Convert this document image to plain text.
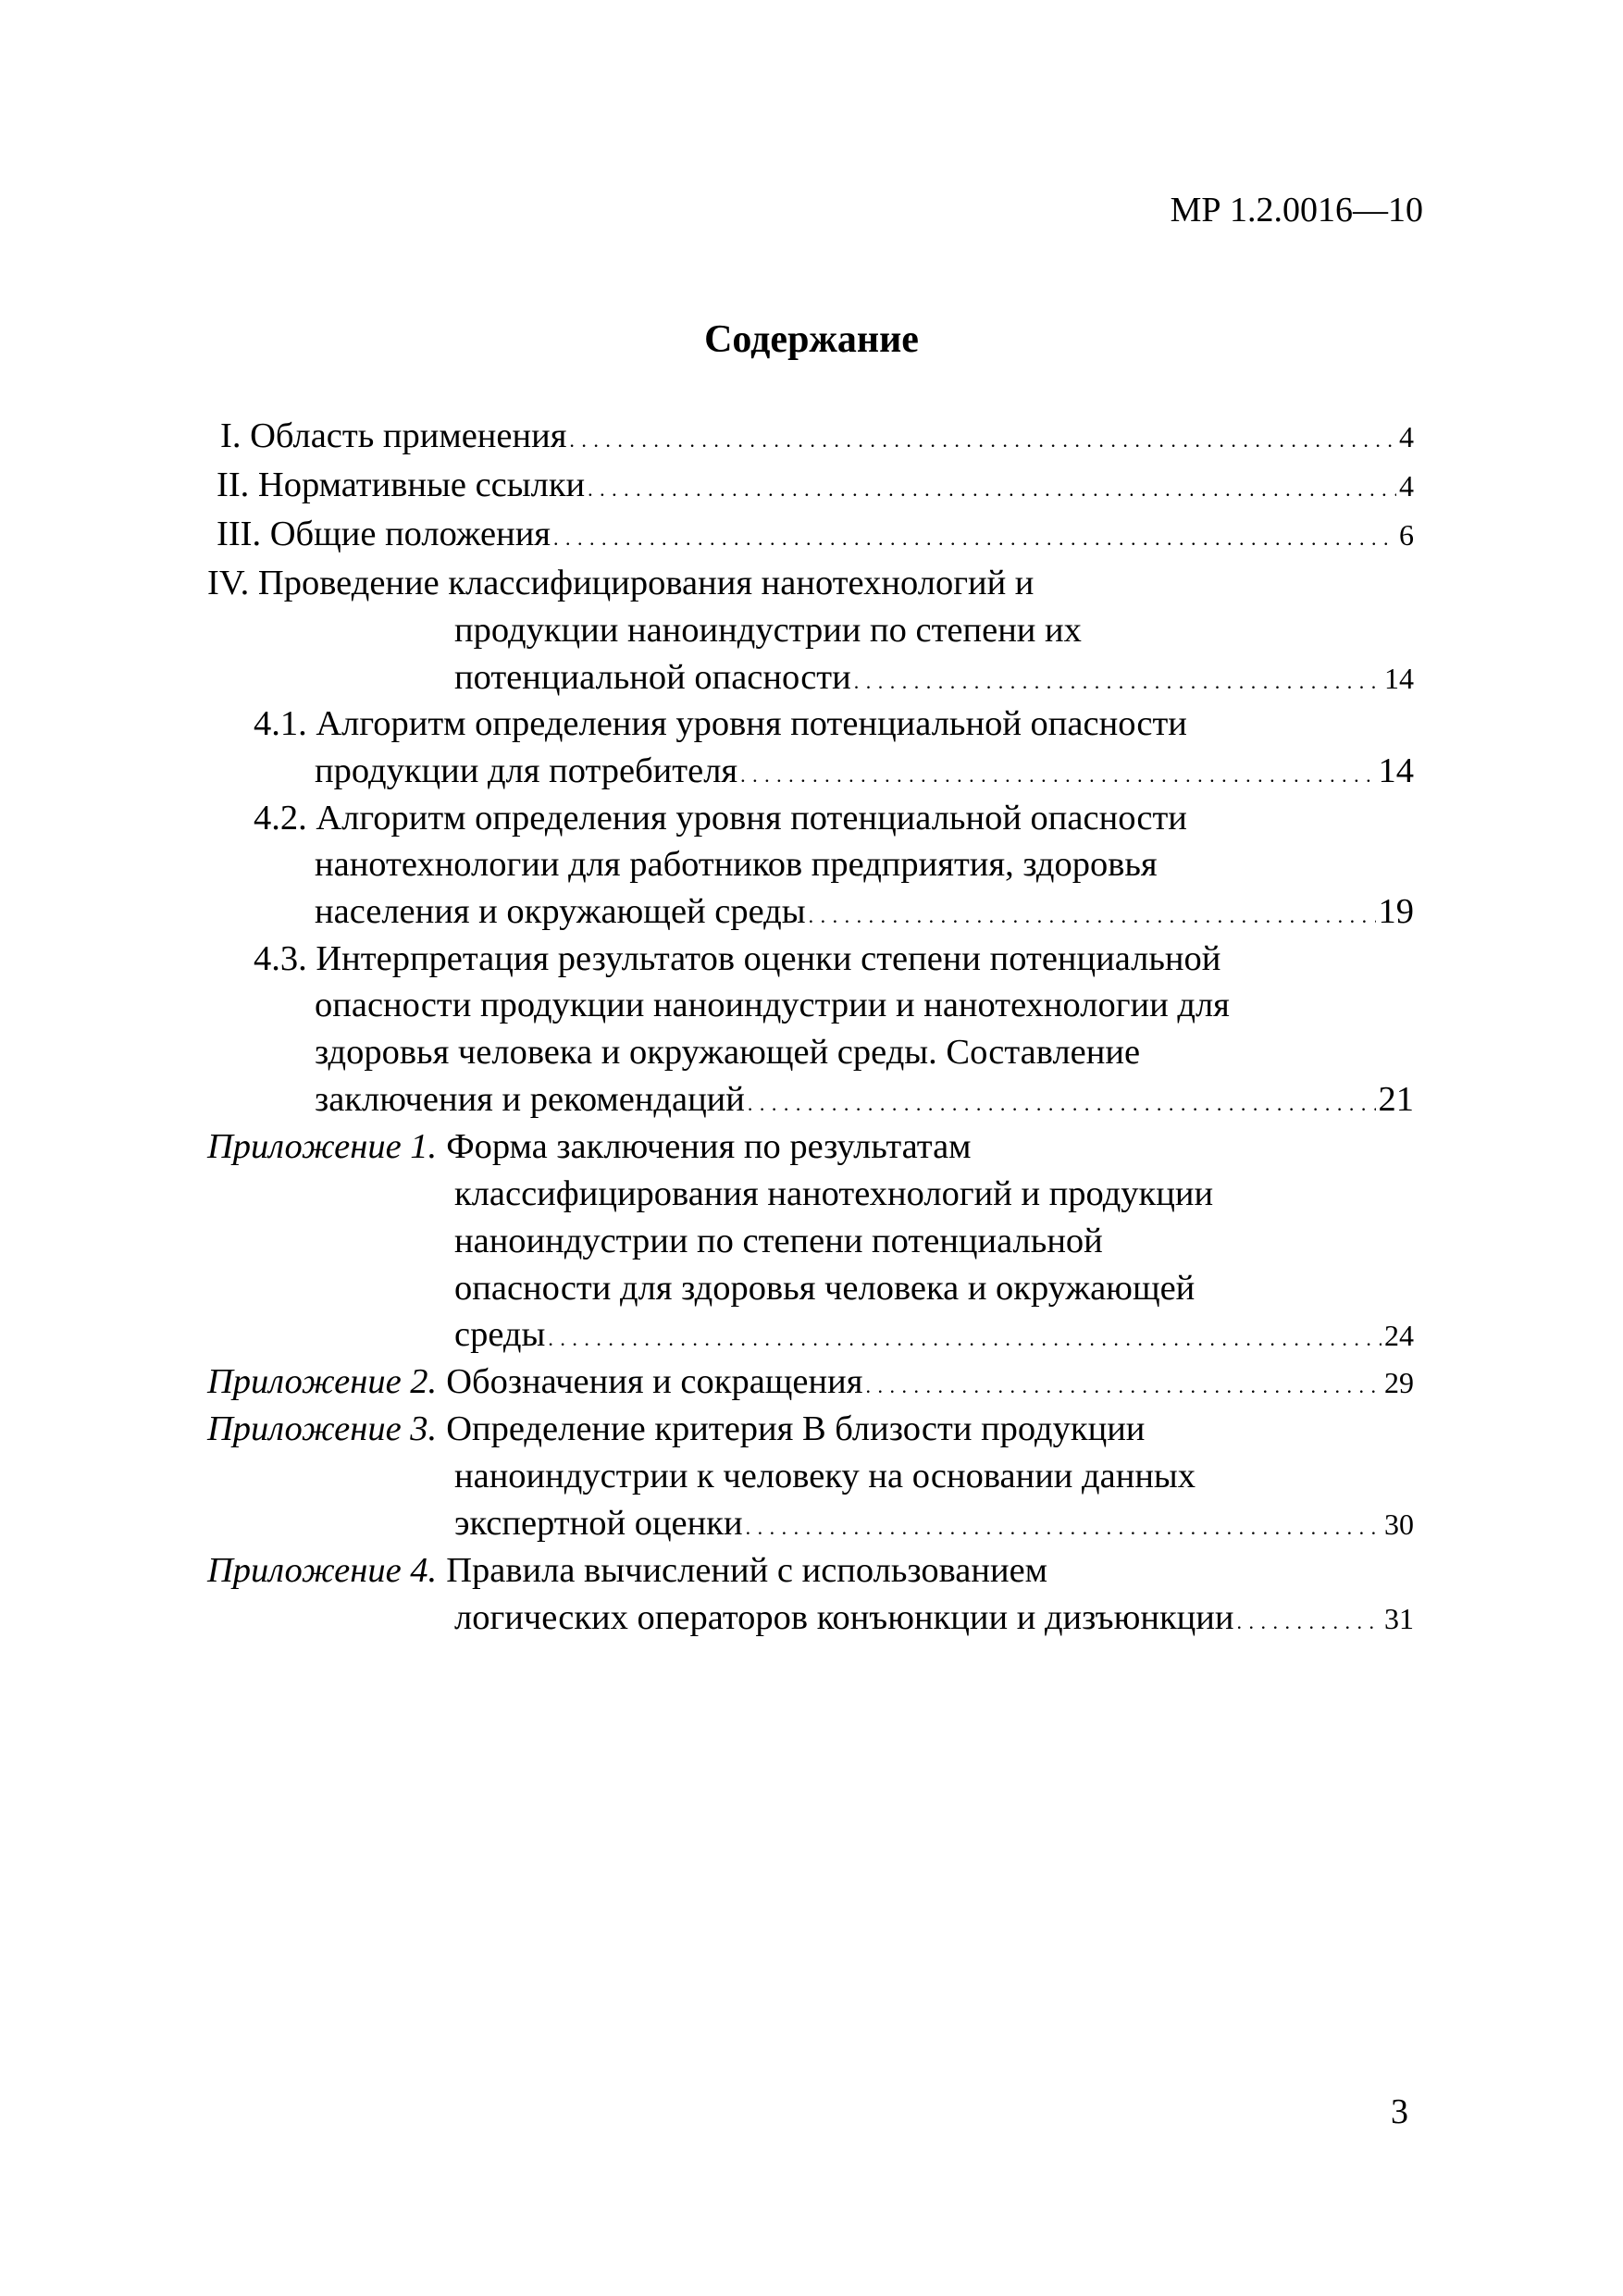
МР 1.2.0016—10
Содержание
I. Область применения . . .	4
II. Нормативные ссылки . . .	4
III. Общие положения . . .	6
IV. Проведение классифицирования нанотехнологий и
продукции наноиндустрии по степени их
потенциальной опасности . . .	14
4.1. Алгоритм определения уровня потенциальной опасности
продукции для потребителя . . .	14
4.2. Алгоритм определения уровня потенциальной опасности
нанотехнологии для работников предприятия, здоровья
населения и окружающей среды . . .	19
4.3. Интерпретация результатов оценки степени потенциальной
опасности продукции наноиндустрии и нанотехнологии для
здоровья человека и окружающей среды. Составление
заключения и рекомендаций . . .	21
Приложение 1. Форма заключения по результатам
классифицирования нанотехнологий и продукции
наноиндустрии по степени потенциальной
опасности для здоровья человека и окружающей
среды . . .	24
Приложение 2. Обозначения и сокращения . . .	29
Приложение 3. Определение критерия В близости продукции
наноиндустрии к человеку на основании данных
экспертной оценки . . .	30
Приложение 4. Правила вычислений с использованием
логических операторов конъюнкции и дизъюнкции . . .	31
3
